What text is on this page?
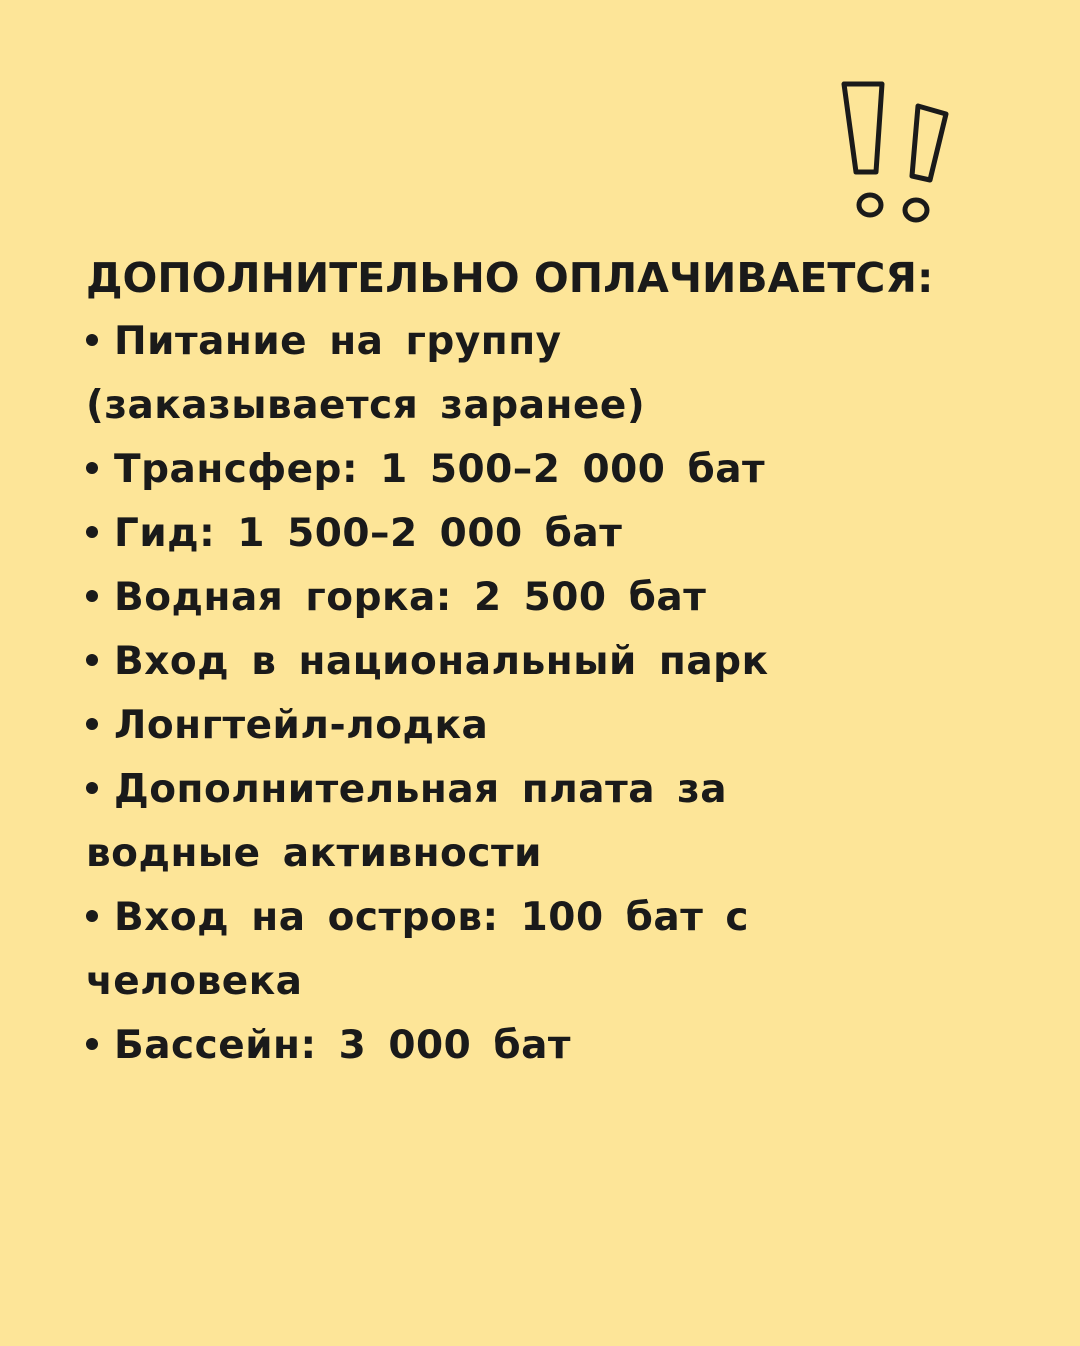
ДОПОЛНИТЕЛЬНО ОПЛАЧИВАЕТСЯ:
Питание на группу (заказывается заранее)
Трансфер: 1 500–2 000 бат
Гид: 1 500–2 000 бат
Водная горка: 2 500 бат
Вход в национальный парк
Лонгтейл-лодка
Дополнительная плата за водные активности
Вход на остров: 100 бат с человека
Бассейн: 3 000 бат
